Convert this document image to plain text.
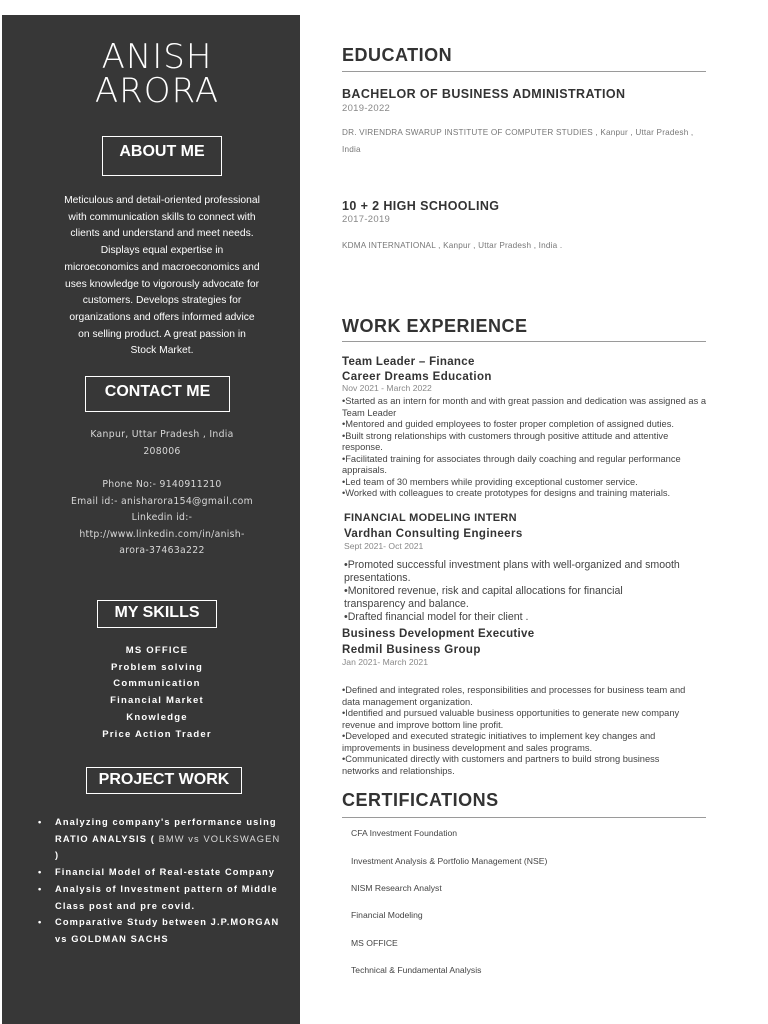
ANISH
ARORA
ABOUT ME

Meticulous and detail-oriented professional with communication skills to connect with clients and understand and meet needs. Displays equal expertise in microeconomics and macroeconomics and uses knowledge to vigorously advocate for customers. Develops strategies for organizations and offers informed advice on selling product. A great passion in Stock Market.

CONTACT ME
Kanpur, Uttar Pradesh , India
208006
Phone No:- 9140911210
Email id:- anisharora154@gmail.com
Linkedin id:-
http://www.linkedin.com/in/anish-
arora-37463a222
MY SKILLS
MS OFFICE
Problem solving
Communication
Financial Market
Knowledge
Price Action Trader
PROJECT WORK
• Analyzing company's performance using RATIO ANALYSIS ( BMW vs VOLKSWAGEN )
• Financial Model of Real-estate Company
• Analysis of Investment pattern of Middle Class post and pre covid.
• Comparative Study between J.P.MORGAN vs GOLDMAN SACHS
EDUCATION
BACHELOR OF BUSINESS ADMINISTRATION
2019-2022
DR. VIRENDRA SWARUP INSTITUTE OF COMPUTER STUDIES , Kanpur , Uttar Pradesh , India
10 + 2 HIGH SCHOOLING
2017-2019
KDMA INTERNATIONAL , Kanpur , Uttar Pradesh , India .
WORK EXPERIENCE
Team Leader – Finance
Career Dreams Education
Nov 2021 - March 2022
•Started as an intern for month and with great passion and dedication was assigned as a Team Leader
•Mentored and guided employees to foster proper completion of assigned duties.
•Built strong relationships with customers through positive attitude and attentive response.
•Facilitated training for associates through daily coaching and regular performance appraisals.
•Led team of 30 members while providing exceptional customer service.
•Worked with colleagues to create prototypes for designs and training materials.
FINANCIAL MODELING INTERN
Vardhan Consulting Engineers
Sept 2021- Oct 2021
•Promoted successful investment plans with well-organized and smooth presentations.
•Monitored revenue, risk and capital allocations for financial transparency and balance.
•Drafted financial model for their client .
Business Development Executive
Redmil Business Group
Jan 2021- March 2021
•Defined and integrated roles, responsibilities and processes for business team and data management organization.
•Identified and pursued valuable business opportunities to generate new company revenue and improve bottom line profit.
•Developed and executed strategic initiatives to implement key changes and improvements in business development and sales programs.
•Communicated directly with customers and partners to build strong business networks and relationships.
CERTIFICATIONS
CFA Investment Foundation
Investment Analysis & Portfolio Management (NSE)
NISM Research Analyst
Financial Modeling
MS OFFICE
Technical & Fundamental Analysis
